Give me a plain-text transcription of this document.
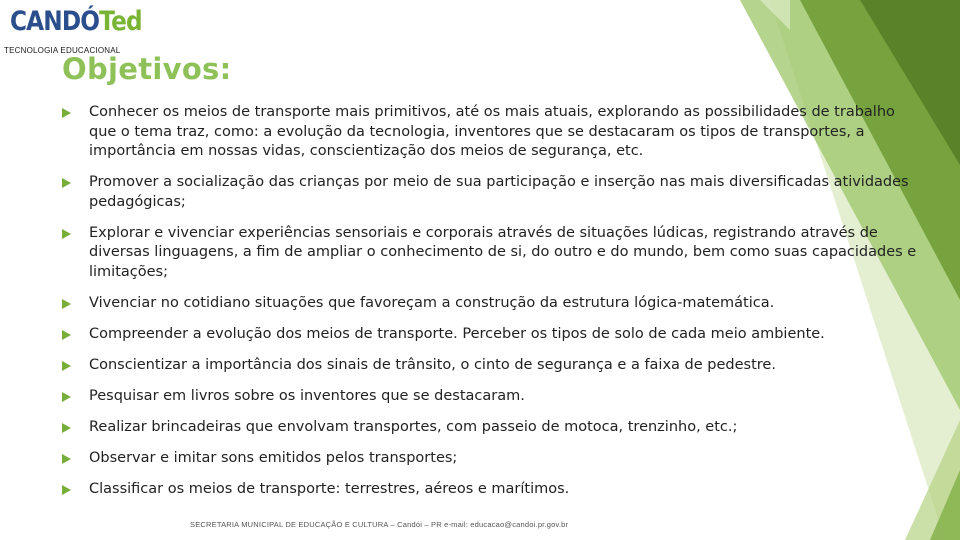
CANDÓTed
TECNOLOGIA EDUCACIONAL
Objetivos:
Conhecer os meios de transporte mais primitivos, até os mais atuais, explorando as possibilidades de trabalho que o tema traz, como: a evolução da tecnologia, inventores que se destacaram os tipos de transportes, a importância em nossas vidas, conscientização dos meios de segurança, etc.
Promover a socialização das crianças por meio de sua participação e inserção nas mais diversificadas atividades pedagógicas;
Explorar e vivenciar experiências sensoriais e corporais através de situações lúdicas, registrando através de diversas linguagens, a fim de ampliar o conhecimento de si, do outro e do mundo, bem como suas capacidades e limitações;
Vivenciar no cotidiano situações que favoreçam a construção da estrutura lógica-matemática.
Compreender a evolução dos meios de transporte. Perceber os tipos de solo de cada meio ambiente.
Conscientizar a importância dos sinais de trânsito, o cinto de segurança e a faixa de pedestre.
Pesquisar em livros sobre os inventores que se destacaram.
Realizar brincadeiras que envolvam transportes, com passeio de motoca, trenzinho, etc.;
Observar e imitar sons emitidos pelos transportes;
Classificar os meios de transporte: terrestres, aéreos e marítimos.
SECRETARIA MUNICIPAL DE EDUCAÇÃO E CULTURA – Candói – PR e-mail: educacao@candoi.pr.gov.br
